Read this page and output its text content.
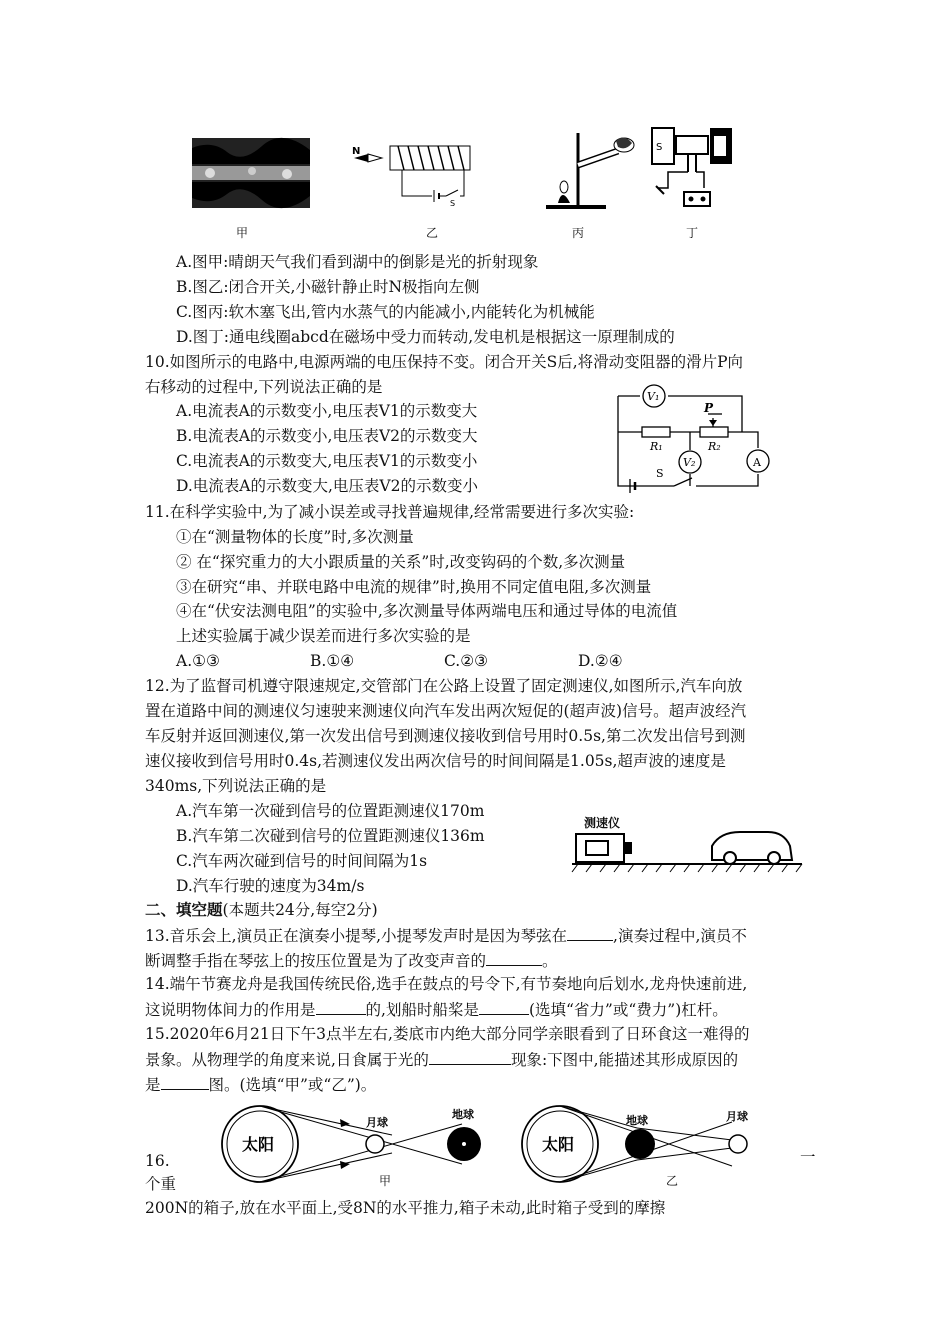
N
S
S
甲	乙	丙	丁
A.图甲:晴朗天气我们看到湖中的倒影是光的折射现象
B.图乙:闭合开关,小磁针静止时N极指向左侧
C.图丙:软木塞飞出,管内水蒸气的内能减小,内能转化为机械能
D.图丁:通电线圈abcd在磁场中受力而转动,发电机是根据这一原理制成的
10.如图所示的电路中,电源两端的电压保持不变。闭合开关S后,将滑动变阻器的滑片P向
右移动的过程中,下列说法正确的是
A.电流表A的示数变小,电压表V1的示数变大
B.电流表A的示数变小,电压表V2的示数变大
C.电流表A的示数变大,电压表V1的示数变小
D.电流表A的示数变大,电压表V2的示数变小
V₁
V₂	A
R₁	R₂
P
S
11.在科学实验中,为了减小误差或寻找普遍规律,经常需要进行多次实验:
①在“测量物体的长度”时,多次测量
② 在“探究重力的大小跟质量的关系”时,改变钩码的个数,多次测量
③在研究“串、并联电路中电流的规律”时,换用不同定值电阻,多次测量
④在“伏安法测电阻”的实验中,多次测量导体两端电压和通过导体的电流值
上述实验属于减少误差而进行多次实验的是
A.①③	B.①④	C.②③	D.②④
12.为了监督司机遵守限速规定,交管部门在公路上设置了固定测速仪,如图所示,汽车向放
置在道路中间的测速仪匀速驶来测速仪向汽车发出两次短促的(超声波)信号。超声波经汽
车反射并返回测速仪,第一次发出信号到测速仪接收到信号用时0.5s,第二次发出信号到测
速仪接收到信号用时0.4s,若测速仪发出两次信号的时间间隔是1.05s,超声波的速度是
340ms,下列说法正确的是
A.汽车第一次碰到信号的位置距测速仪170m
B.汽车第二次碰到信号的位置距测速仪136m
C.汽车两次碰到信号的时间间隔为1s
D.汽车行驶的速度为34m/s
测速仪
二、填空题(本题共24分,每空2分)
13.音乐会上,演员正在演奏小提琴,小提琴发声时是因为琴弦在	,演奏过程中,演员不
断调整手指在琴弦上的按压位置是为了改变声音的	。
14.端午节赛龙舟是我国传统民俗,选手在鼓点的号令下,有节奏地向后划水,龙舟快速前进,
这说明物体间力的作用是	的,划船时船桨是	(选填“省力”或“费力”)杠杆。
15.2020年6月21日下午3点半左右,娄底市内绝大部分同学亲眼看到了日环食这一难得的
景象。从物理学的角度来说,日食属于光的	现象:下图中,能描述其形成原因的
是	图。(选填“甲”或“乙”)。
太阳
月球
地球
太阳
地球	月球
甲	乙
16.	一
个重
200N的箱子,放在水平面上,受8N的水平推力,箱子未动,此时箱子受到的摩擦
